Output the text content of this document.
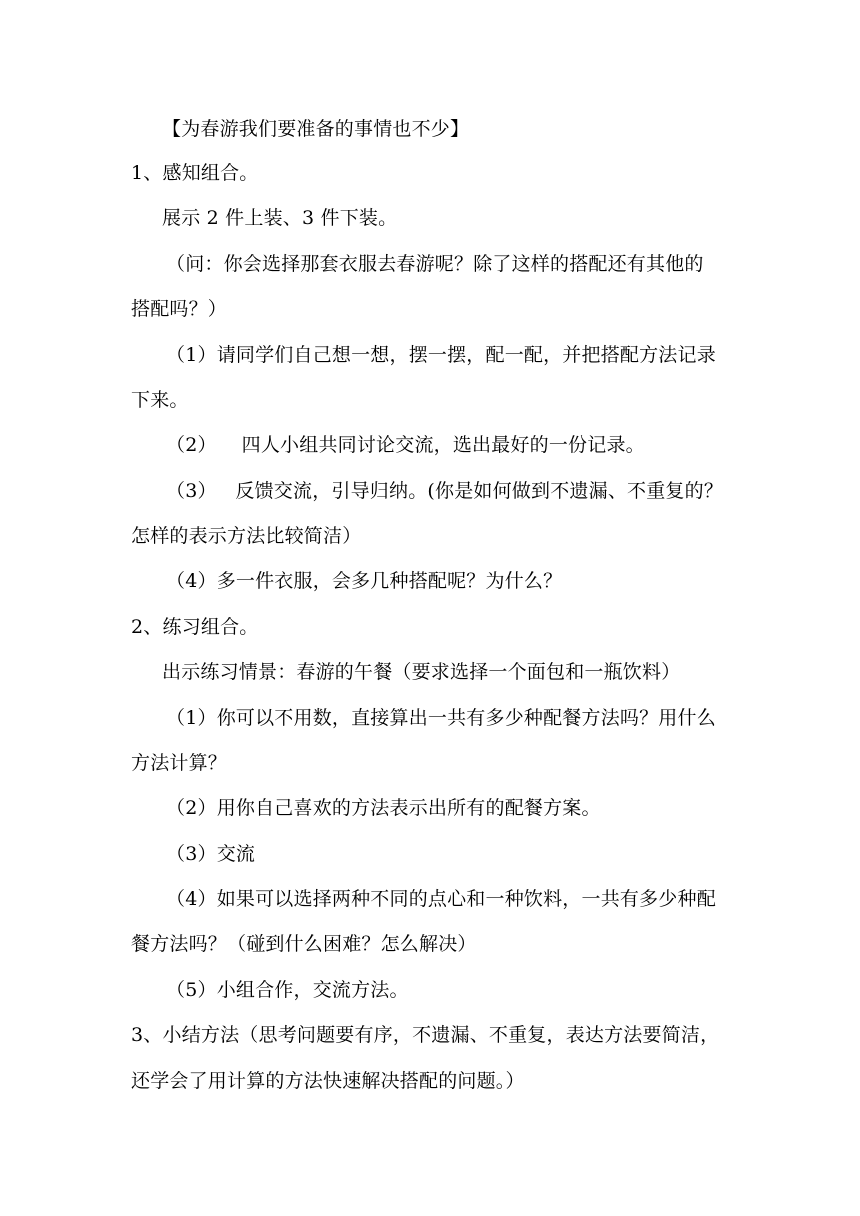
【为春游我们要准备的事情也不少】
1、感知组合。
展示 2 件上装、3 件下装。
（问：你会选择那套衣服去春游呢？除了这样的搭配还有其他的
搭配吗？）
（1）请同学们自己想一想，摆一摆，配一配，并把搭配方法记录
下来。
（2）    四人小组共同讨论交流，选出最好的一份记录。
（3）   反馈交流，引导归纳。(你是如何做到不遗漏、不重复的？
怎样的表示方法比较简洁）
（4）多一件衣服，会多几种搭配呢？为什么？
2、练习组合。
出示练习情景：春游的午餐（要求选择一个面包和一瓶饮料）
（1）你可以不用数，直接算出一共有多少种配餐方法吗？用什么
方法计算？
（2）用你自己喜欢的方法表示出所有的配餐方案。
（3）交流
（4）如果可以选择两种不同的点心和一种饮料，一共有多少种配
餐方法吗？（碰到什么困难？怎么解决）
（5）小组合作，交流方法。
3、小结方法（思考问题要有序，不遗漏、不重复，表达方法要简洁，
还学会了用计算的方法快速解决搭配的问题。）
